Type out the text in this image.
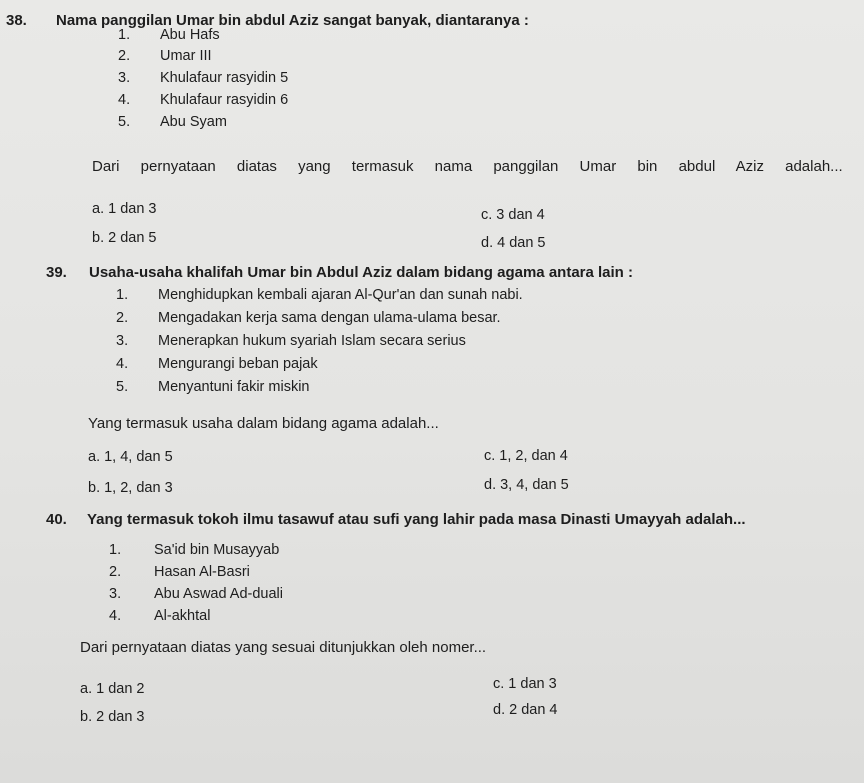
38. Nama panggilan Umar bin abdul Aziz sangat banyak, diantaranya :
1. Abu Hafs
2. Umar III
3. Khulafaur rasyidin 5
4. Khulafaur rasyidin 6
5. Abu Syam
Dari pernyataan diatas yang termasuk nama panggilan Umar bin abdul Aziz adalah...
a. 1 dan 3	c. 3 dan 4
b. 2 dan 5	d. 4 dan 5
39. Usaha-usaha khalifah Umar bin Abdul Aziz dalam bidang agama antara lain :
1. Menghidupkan kembali ajaran Al-Qur'an dan sunah nabi.
2. Mengadakan kerja sama dengan ulama-ulama besar.
3. Menerapkan hukum syariah Islam secara serius
4. Mengurangi beban pajak
5. Menyantuni fakir miskin
Yang termasuk usaha dalam bidang agama adalah...
a. 1, 4, dan 5	c. 1, 2, dan 4
b. 1, 2, dan 3	d. 3, 4, dan 5
40. Yang termasuk tokoh ilmu tasawuf atau sufi yang lahir pada masa Dinasti Umayyah adalah...
1. Sa'id bin Musayyab
2. Hasan Al-Basri
3. Abu Aswad Ad-duali
4. Al-akhtal
Dari pernyataan diatas yang sesuai ditunjukkan oleh nomer...
a. 1 dan 2	c. 1 dan 3
b. 2 dan 3	d. 2 dan 4
